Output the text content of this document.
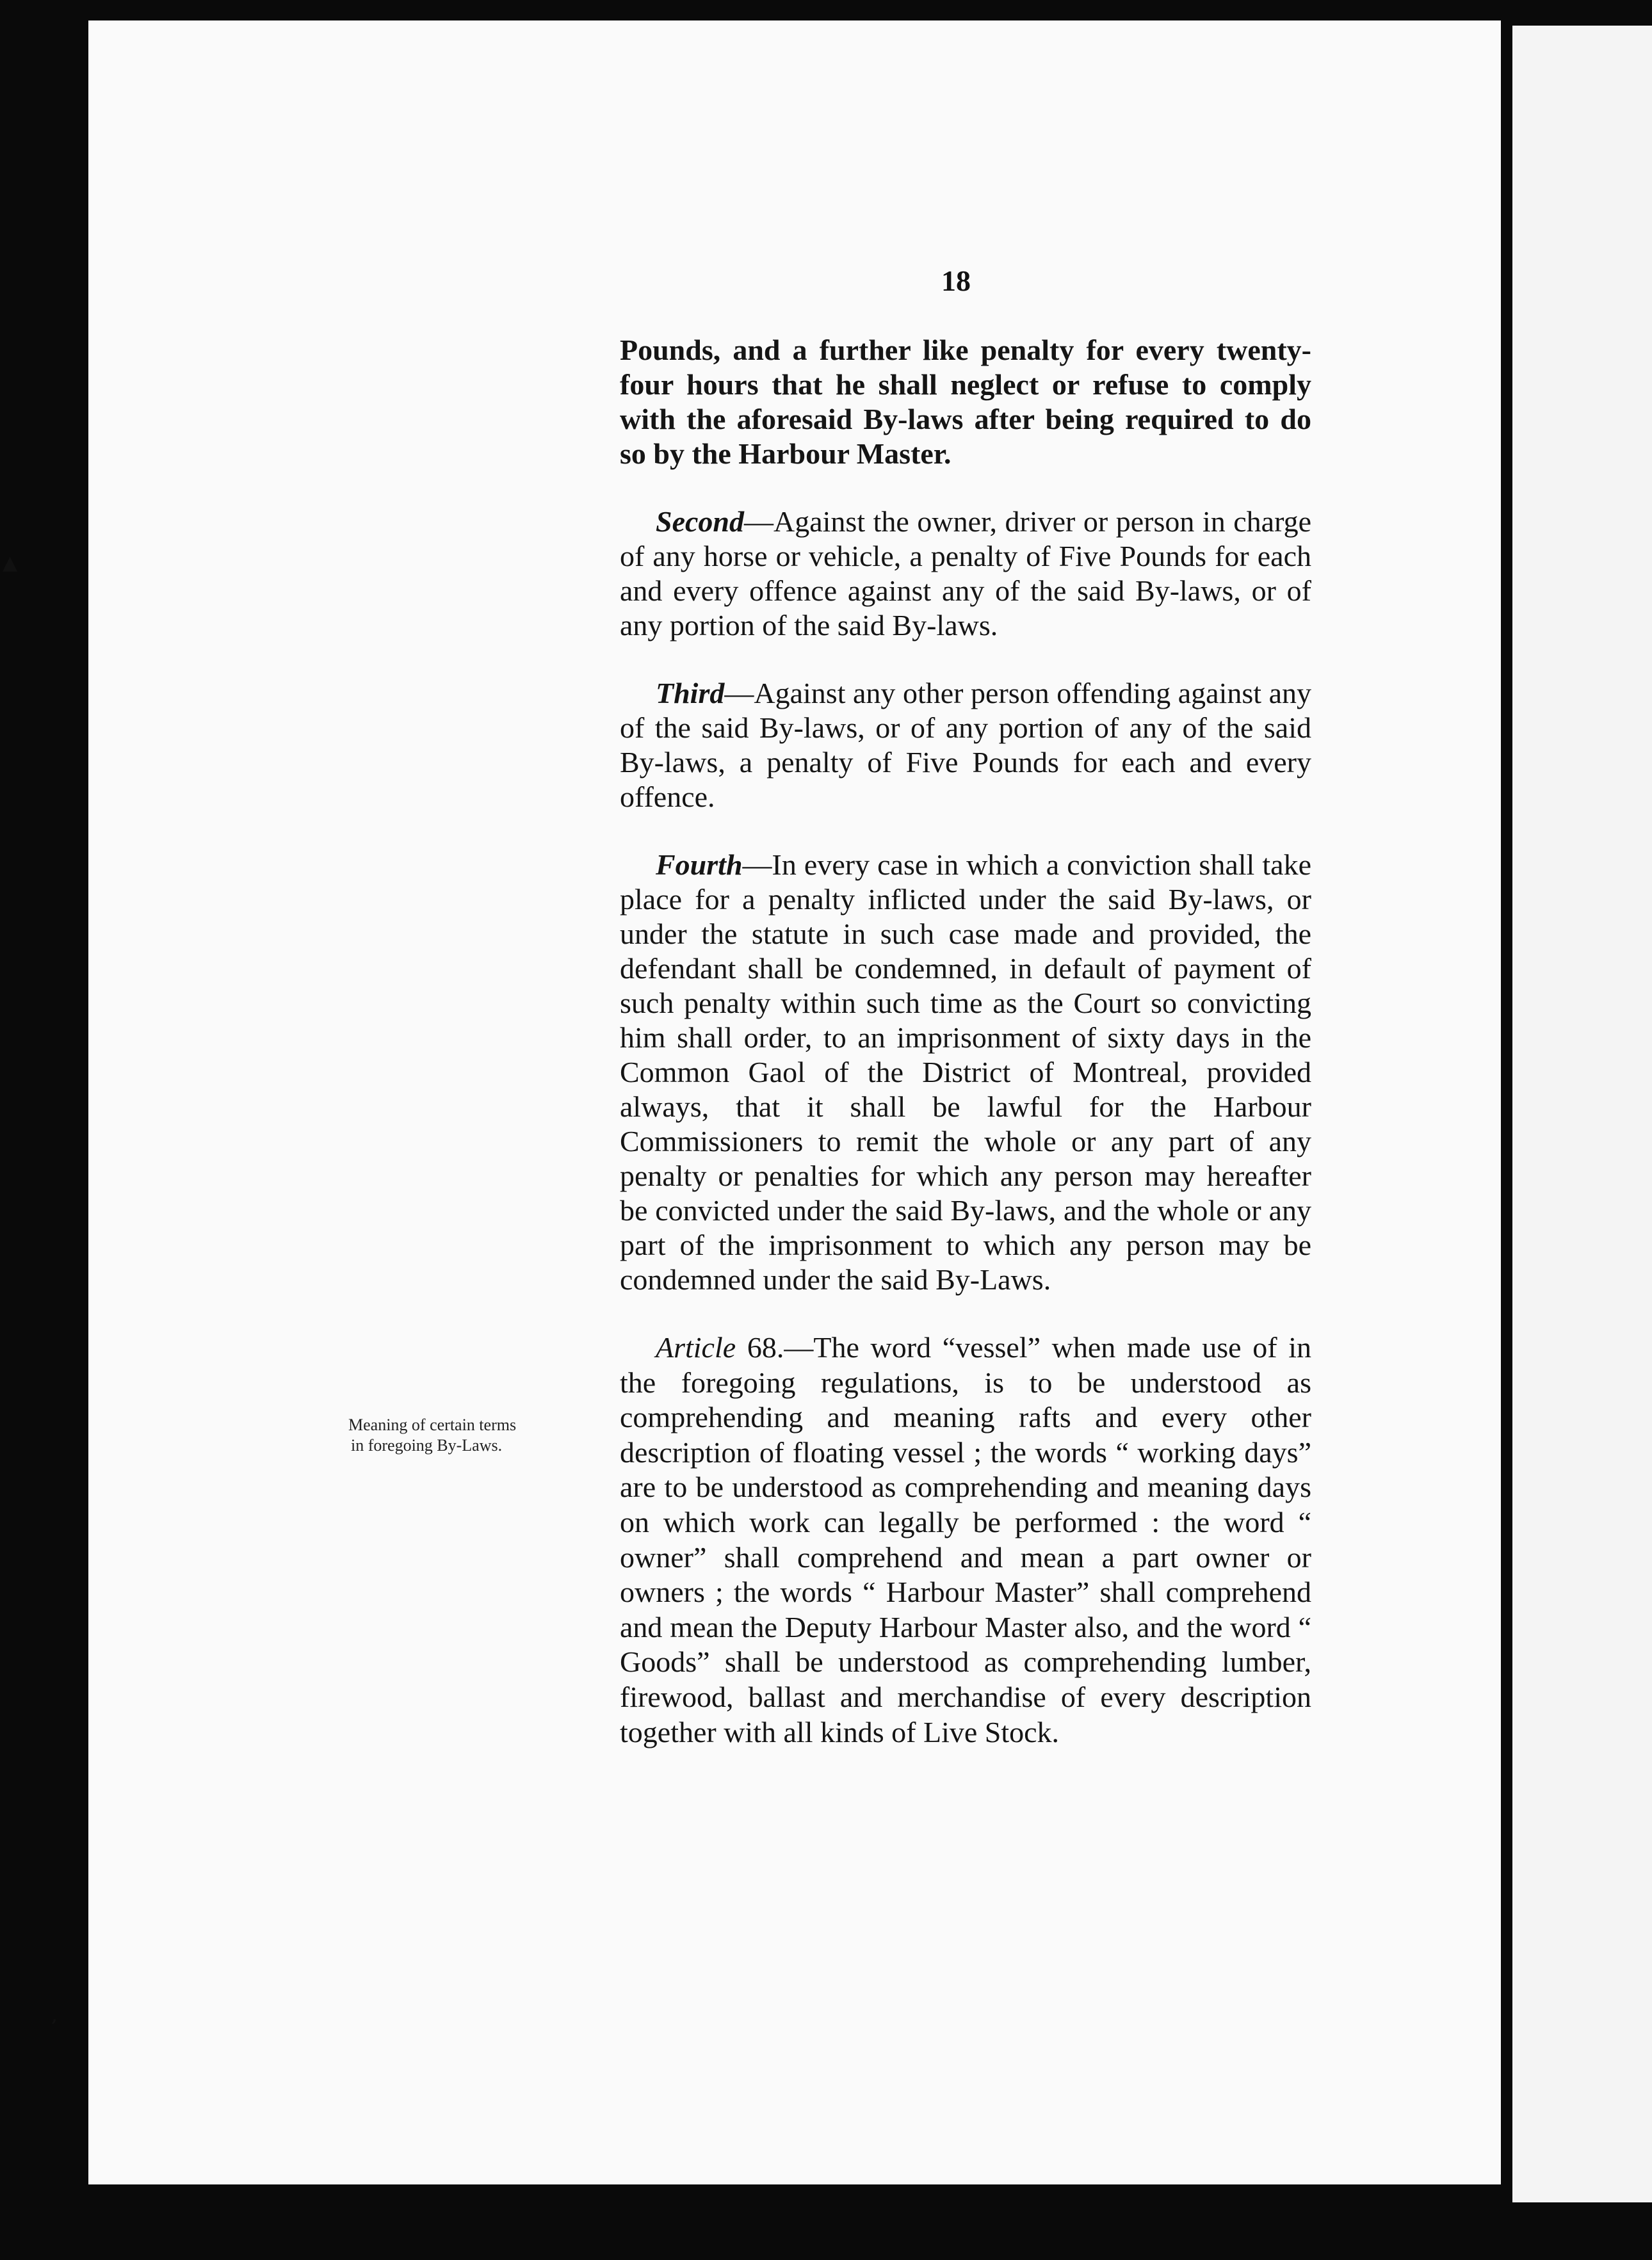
▲
’
18
Meaning of certain terms
in foregoing By-Laws.

Pounds, and a further like penalty for every twenty-four hours that he shall neglect or refuse to comply with the aforesaid By-laws after being required to do so by the Harbour Master.

Second—Against the owner, driver or person in charge of any horse or vehicle, a penalty of Five Pounds for each and every offence against any of the said By-laws, or of any portion of the said By-laws.

Third—Against any other person offending against any of the said By-laws, or of any portion of any of the said By-laws, a penalty of Five Pounds for each and every offence.

Fourth—In every case in which a conviction shall take place for a penalty inflicted under the said By-laws, or under the statute in such case made and provided, the defendant shall be condemned, in default of payment of such penalty within such time as the Court so convicting him shall order, to an imprisonment of sixty days in the Common Gaol of the District of Montreal, provided always, that it shall be lawful for the Harbour Commissioners to remit the whole or any part of any penalty or penalties for which any person may hereafter be convicted under the said By-laws, and the whole or any part of the imprisonment to which any person may be condemned under the said By-Laws.

Article 68.—The word “vessel” when made use of in the foregoing regulations, is to be understood as comprehending and meaning rafts and every other description of floating vessel ; the words “ working days” are to be understood as comprehending and meaning days on which work can legally be performed : the word “ owner” shall comprehend and mean a part owner or owners ; the words “ Harbour Master” shall comprehend and mean the Deputy Harbour Master also, and the word “ Goods” shall be understood as comprehending lumber, firewood, ballast and merchandise of every description together with all kinds of Live Stock.
